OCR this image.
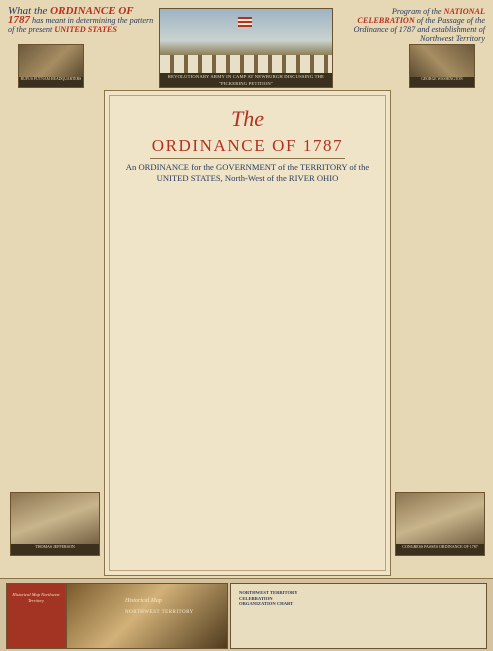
What the ORDINANCE OF 1787 has meant in determining the pattern of the present UNITED STATES
REVOLUTIONARY ARMY IN CAMP AT NEWBURGH DISCUSSING THE "PICKERING PETITION"
RUFUS PUTNAM HEADQUARTERS	GEORGE WASHINGTON
Program of the NATIONAL CELEBRATION of the Passage of the Ordinance of 1787 and establishment of Northwest Territory

THOMAS JEFFERSON
The
ORDINANCE OF 1787
An ORDINANCE for the GOVERNMENT of the TERRITORY of the UNITED STATES, North-West of the RIVER OHIO

CONGRESS PASSES ORDINANCE OF 1787
Historical Map Northwest Territory	Historical Map
NORTHWEST TERRITORY
NORTHWEST TERRITORY CELEBRATION ORGANIZATION CHART
